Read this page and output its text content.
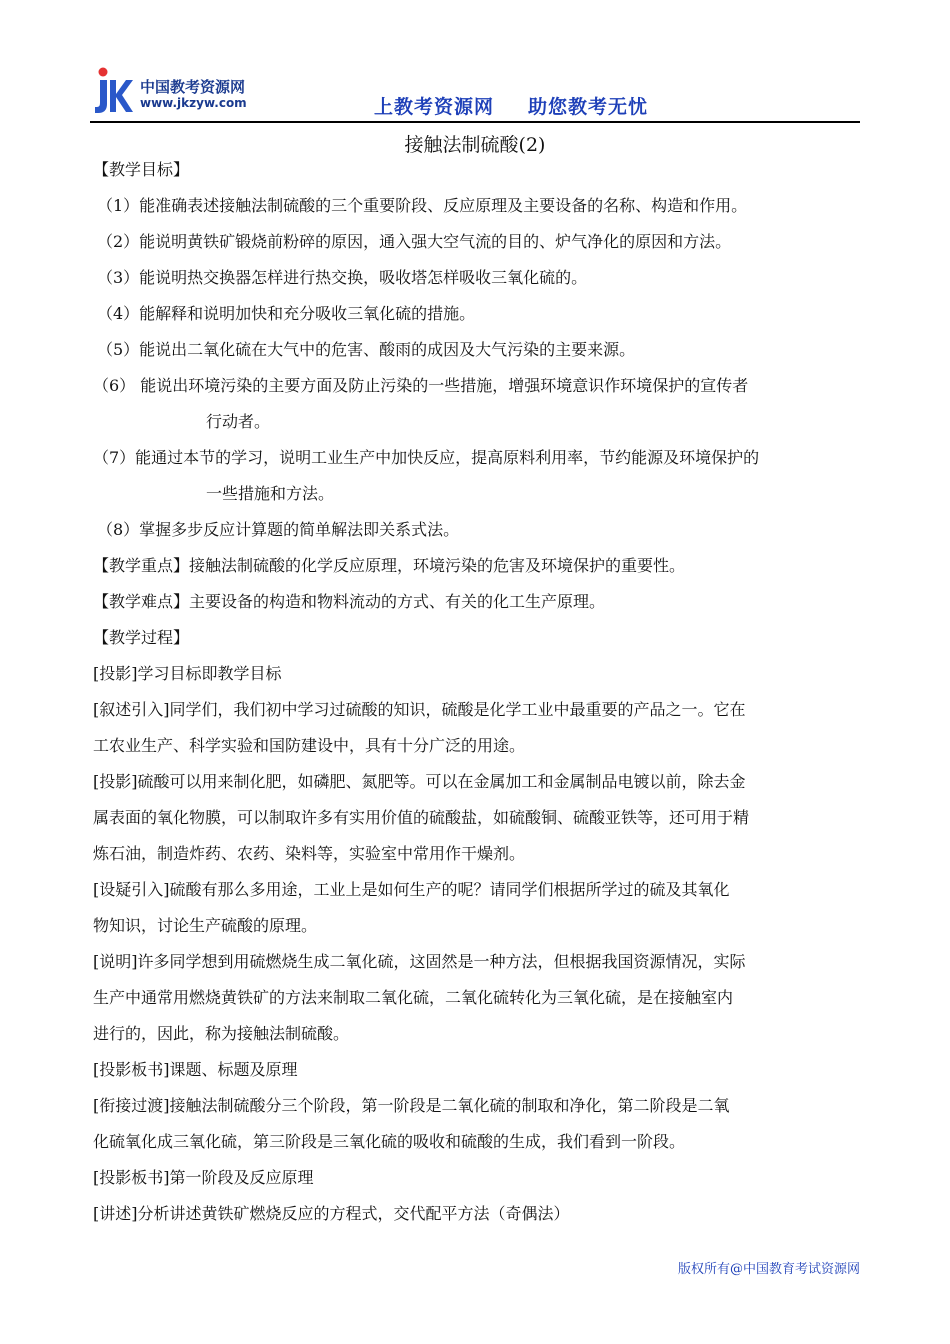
中国教考资源网
www.jkzyw.com	上教考资源网 助您教考无忧
接触法制硫酸(2)
【教学目标】
（1）能准确表述接触法制硫酸的三个重要阶段、反应原理及主要设备的名称、构造和作用。
（2）能说明黄铁矿锻烧前粉碎的原因，通入强大空气流的目的、炉气净化的原因和方法。
（3）能说明热交换器怎样进行热交换，吸收塔怎样吸收三氧化硫的。
（4）能解释和说明加快和充分吸收三氧化硫的措施。
（5）能说出二氧化硫在大气中的危害、酸雨的成因及大气污染的主要来源。
（6） 能说出环境污染的主要方面及防止污染的一些措施，增强环境意识作环境保护的宣传者
行动者。
（7）能通过本节的学习，说明工业生产中加快反应，提高原料利用率，节约能源及环境保护的
一些措施和方法。
（8）掌握多步反应计算题的简单解法即关系式法。
【教学重点】接触法制硫酸的化学反应原理，环境污染的危害及环境保护的重要性。
【教学难点】主要设备的构造和物料流动的方式、有关的化工生产原理。
【教学过程】
[投影]学习目标即教学目标
[叙述引入]同学们，我们初中学习过硫酸的知识，硫酸是化学工业中最重要的产品之一。它在
工农业生产、科学实验和国防建设中，具有十分广泛的用途。
[投影]硫酸可以用来制化肥，如磷肥、氮肥等。可以在金属加工和金属制品电镀以前，除去金
属表面的氧化物膜，可以制取许多有实用价值的硫酸盐，如硫酸铜、硫酸亚铁等，还可用于精
炼石油，制造炸药、农药、染料等，实验室中常用作干燥剂。
[设疑引入]硫酸有那么多用途，工业上是如何生产的呢？请同学们根据所学过的硫及其氧化
物知识，讨论生产硫酸的原理。
[说明]许多同学想到用硫燃烧生成二氧化硫，这固然是一种方法，但根据我国资源情况，实际
生产中通常用燃烧黄铁矿的方法来制取二氧化硫，二氧化硫转化为三氧化硫，是在接触室内
进行的，因此，称为接触法制硫酸。
[投影板书]课题、标题及原理
[衔接过渡]接触法制硫酸分三个阶段，第一阶段是二氧化硫的制取和净化，第二阶段是二氧
化硫氧化成三氧化硫，第三阶段是三氧化硫的吸收和硫酸的生成，我们看到一阶段。
[投影板书]第一阶段及反应原理
[讲述]分析讲述黄铁矿燃烧反应的方程式，交代配平方法（奇偶法）
版权所有@中国教育考试资源网
